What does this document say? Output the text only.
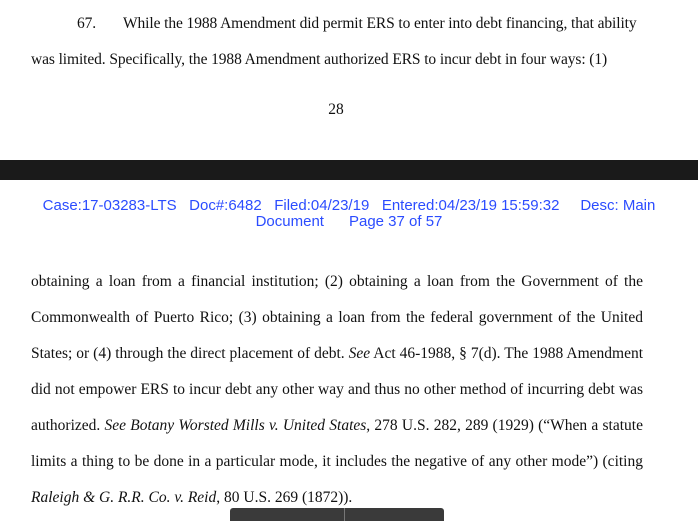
67. While the 1988 Amendment did permit ERS to enter into debt financing, that ability
was limited. Specifically, the 1988 Amendment authorized ERS to incur debt in four ways: (1)
28
Case:17-03283-LTS Doc#:6482 Filed:04/23/19 Entered:04/23/19 15:59:32 Desc: Main
Document Page 37 of 57
obtaining a loan from a financial institution; (2) obtaining a loan from the Government of the
Commonwealth of Puerto Rico; (3) obtaining a loan from the federal government of the United
States; or (4) through the direct placement of debt. See Act 46-1988, § 7(d). The 1988 Amendment
did not empower ERS to incur debt any other way and thus no other method of incurring debt was
authorized. See Botany Worsted Mills v. United States, 278 U.S. 282, 289 (1929) (“When a statute
limits a thing to be done in a particular mode, it includes the negative of any other mode”) (citing
Raleigh & G. R.R. Co. v. Reid, 80 U.S. 269 (1872)).
